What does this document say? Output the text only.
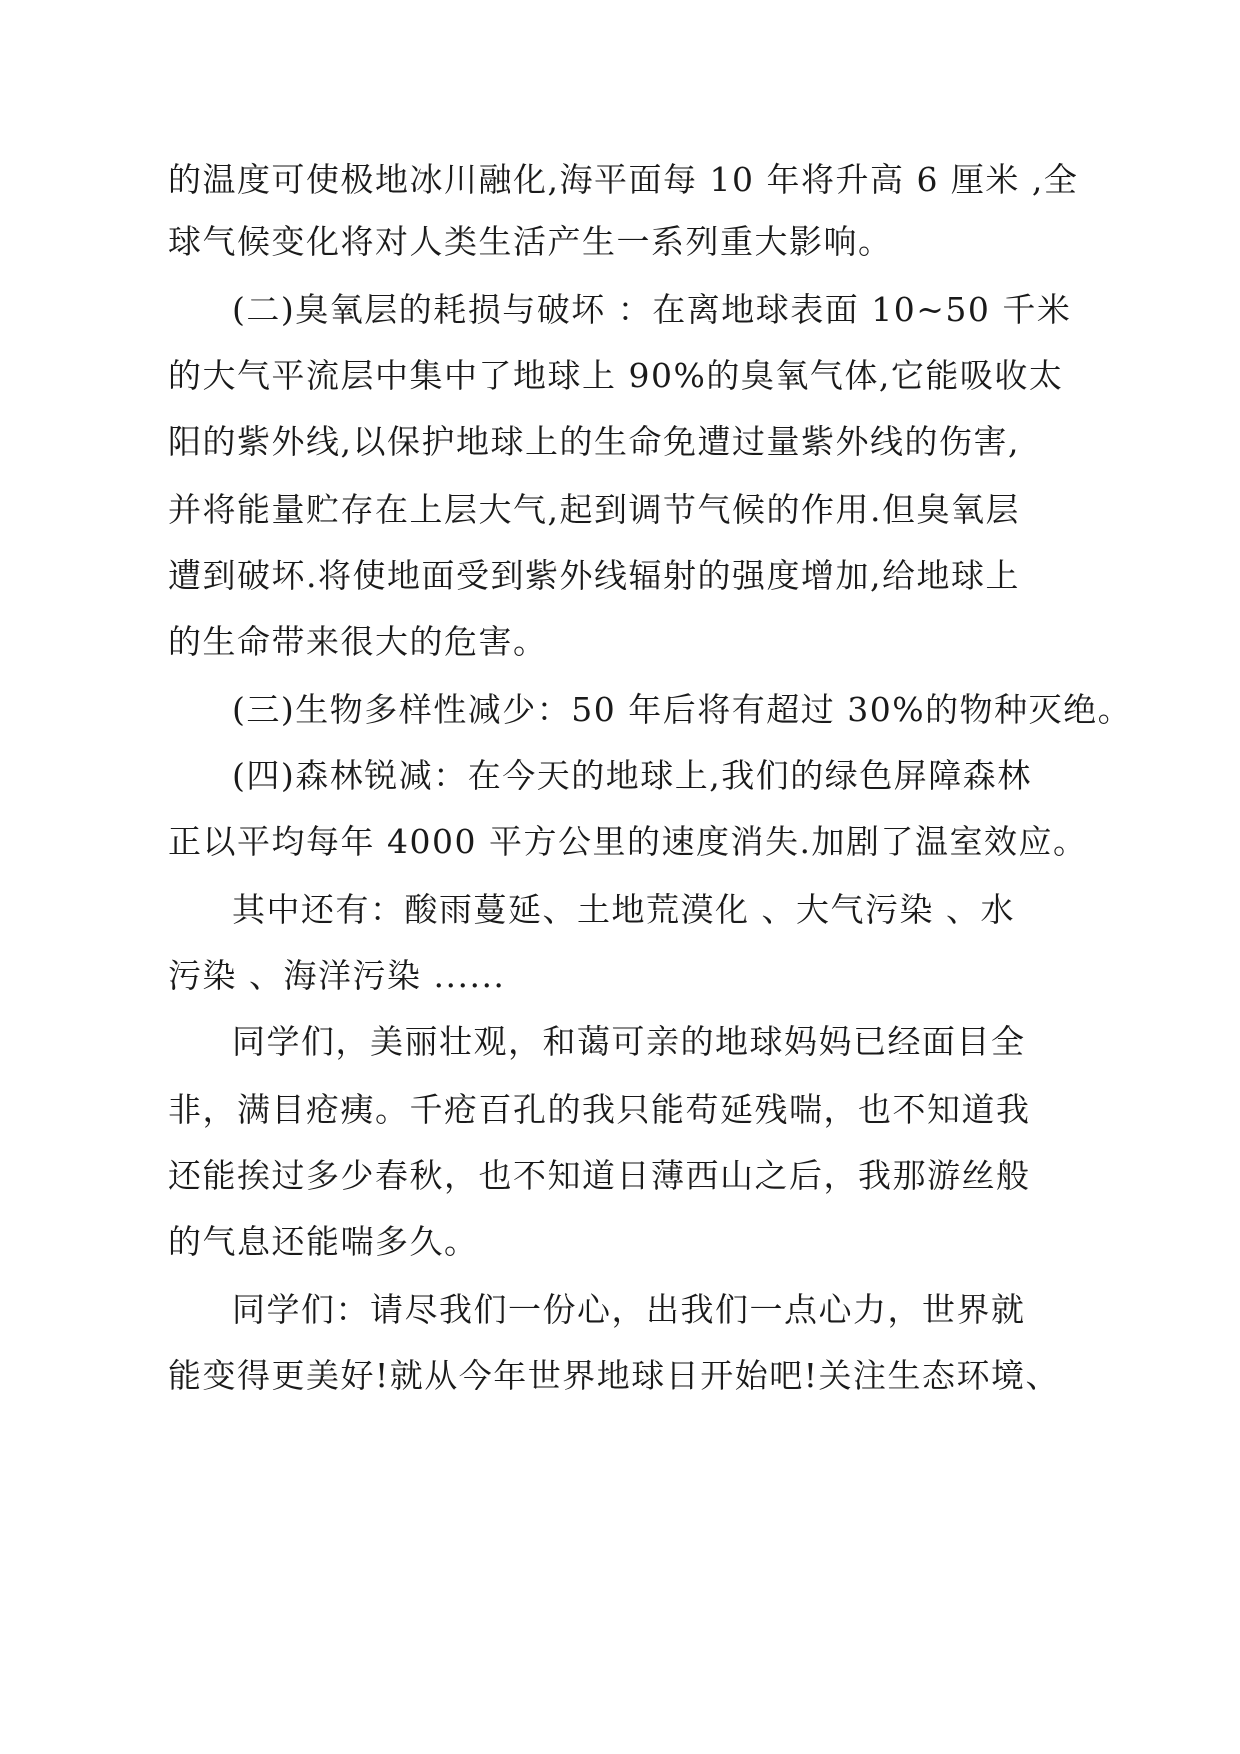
的温度可使极地冰川融化,海平面每 10 年将升高 6 厘米 ,全
球气候变化将对人类生活产生一系列重大影响。
(二)臭氧层的耗损与破坏 ：在离地球表面 10~50 千米
的大气平流层中集中了地球上 90%的臭氧气体,它能吸收太
阳的紫外线,以保护地球上的生命免遭过量紫外线的伤害,
并将能量贮存在上层大气,起到调节气候的作用.但臭氧层
遭到破坏.将使地面受到紫外线辐射的强度增加,给地球上
的生命带来很大的危害。
(三)生物多样性减少：50 年后将有超过 30%的物种灭绝。
(四)森林锐减：在今天的地球上,我们的绿色屏障森林
正以平均每年 4000 平方公里的速度消失.加剧了温室效应。
其中还有：酸雨蔓延、土地荒漠化 、大气污染 、水
污染 、海洋污染 ......
同学们，美丽壮观，和蔼可亲的地球妈妈已经面目全
非，满目疮痍。千疮百孔的我只能苟延残喘，也不知道我
还能挨过多少春秋，也不知道日薄西山之后，我那游丝般
的气息还能喘多久。
同学们：请尽我们一份心，出我们一点心力，世界就
能变得更美好!就从今年世界地球日开始吧!关注生态环境、
